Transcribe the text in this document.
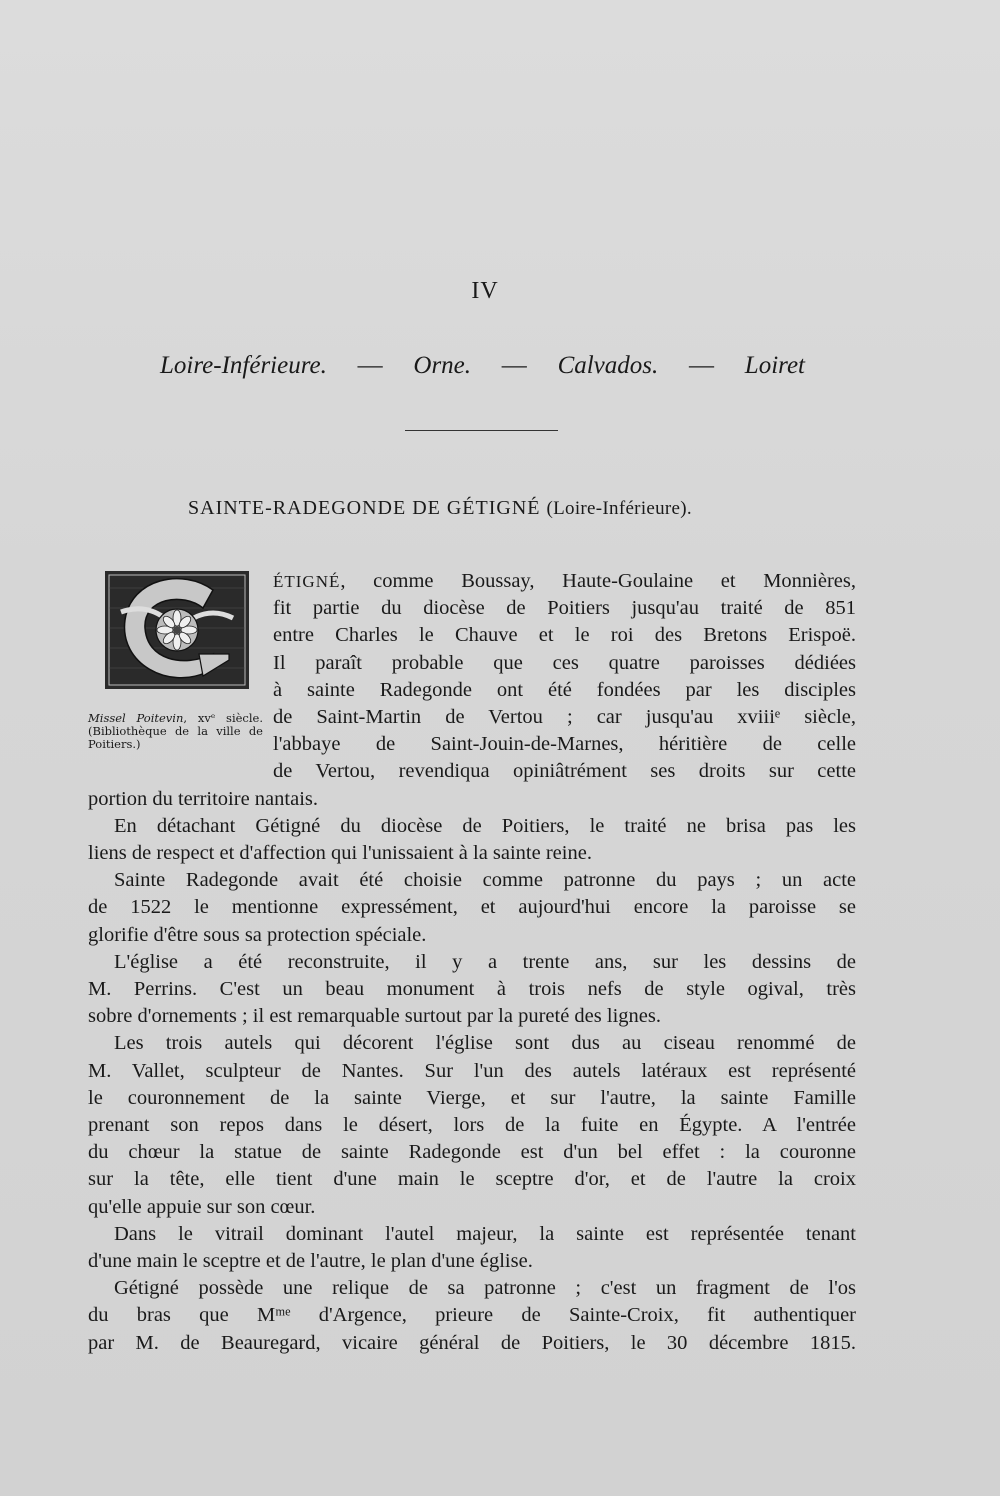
IV
Loire-Inférieure. — Orne. — Calvados. — Loiret
SAINTE-RADEGONDE DE GÉTIGNÉ (Loire-Inférieure).
Missel Poitevin, xvᵉ siècle. (Bibliothèque de la ville de Poitiers.)
ÉTIGNÉ, comme Boussay, Haute-Goulaine et Monnières,
fit partie du diocèse de Poitiers jusqu'au traité de 851
entre Charles le Chauve et le roi des Bretons Erispoë.
Il paraît probable que ces quatre paroisses dédiées
à sainte Radegonde ont été fondées par les disciples
de Saint-Martin de Vertou ; car jusqu'au xviiiᵉ siècle,
l'abbaye de Saint-Jouin-de-Marnes, héritière de celle
de Vertou, revendiqua opiniâtrément ses droits sur cette
portion du territoire nantais.
En détachant Gétigné du diocèse de Poitiers, le traité ne brisa pas les
liens de respect et d'affection qui l'unissaient à la sainte reine.
Sainte Radegonde avait été choisie comme patronne du pays ; un acte
de 1522 le mentionne expressément, et aujourd'hui encore la paroisse se
glorifie d'être sous sa protection spéciale.
L'église a été reconstruite, il y a trente ans, sur les dessins de
M. Perrins. C'est un beau monument à trois nefs de style ogival, très
sobre d'ornements ; il est remarquable surtout par la pureté des lignes.
Les trois autels qui décorent l'église sont dus au ciseau renommé de
M. Vallet, sculpteur de Nantes. Sur l'un des autels latéraux est représenté
le couronnement de la sainte Vierge, et sur l'autre, la sainte Famille
prenant son repos dans le désert, lors de la fuite en Égypte. A l'entrée
du chœur la statue de sainte Radegonde est d'un bel effet : la couronne
sur la tête, elle tient d'une main le sceptre d'or, et de l'autre la croix
qu'elle appuie sur son cœur.
Dans le vitrail dominant l'autel majeur, la sainte est représentée tenant
d'une main le sceptre et de l'autre, le plan d'une église.
Gétigné possède une relique de sa patronne ; c'est un fragment de l'os
du bras que Mᵐᵉ d'Argence, prieure de Sainte-Croix, fit authentiquer
par M. de Beauregard, vicaire général de Poitiers, le 30 décembre 1815.
